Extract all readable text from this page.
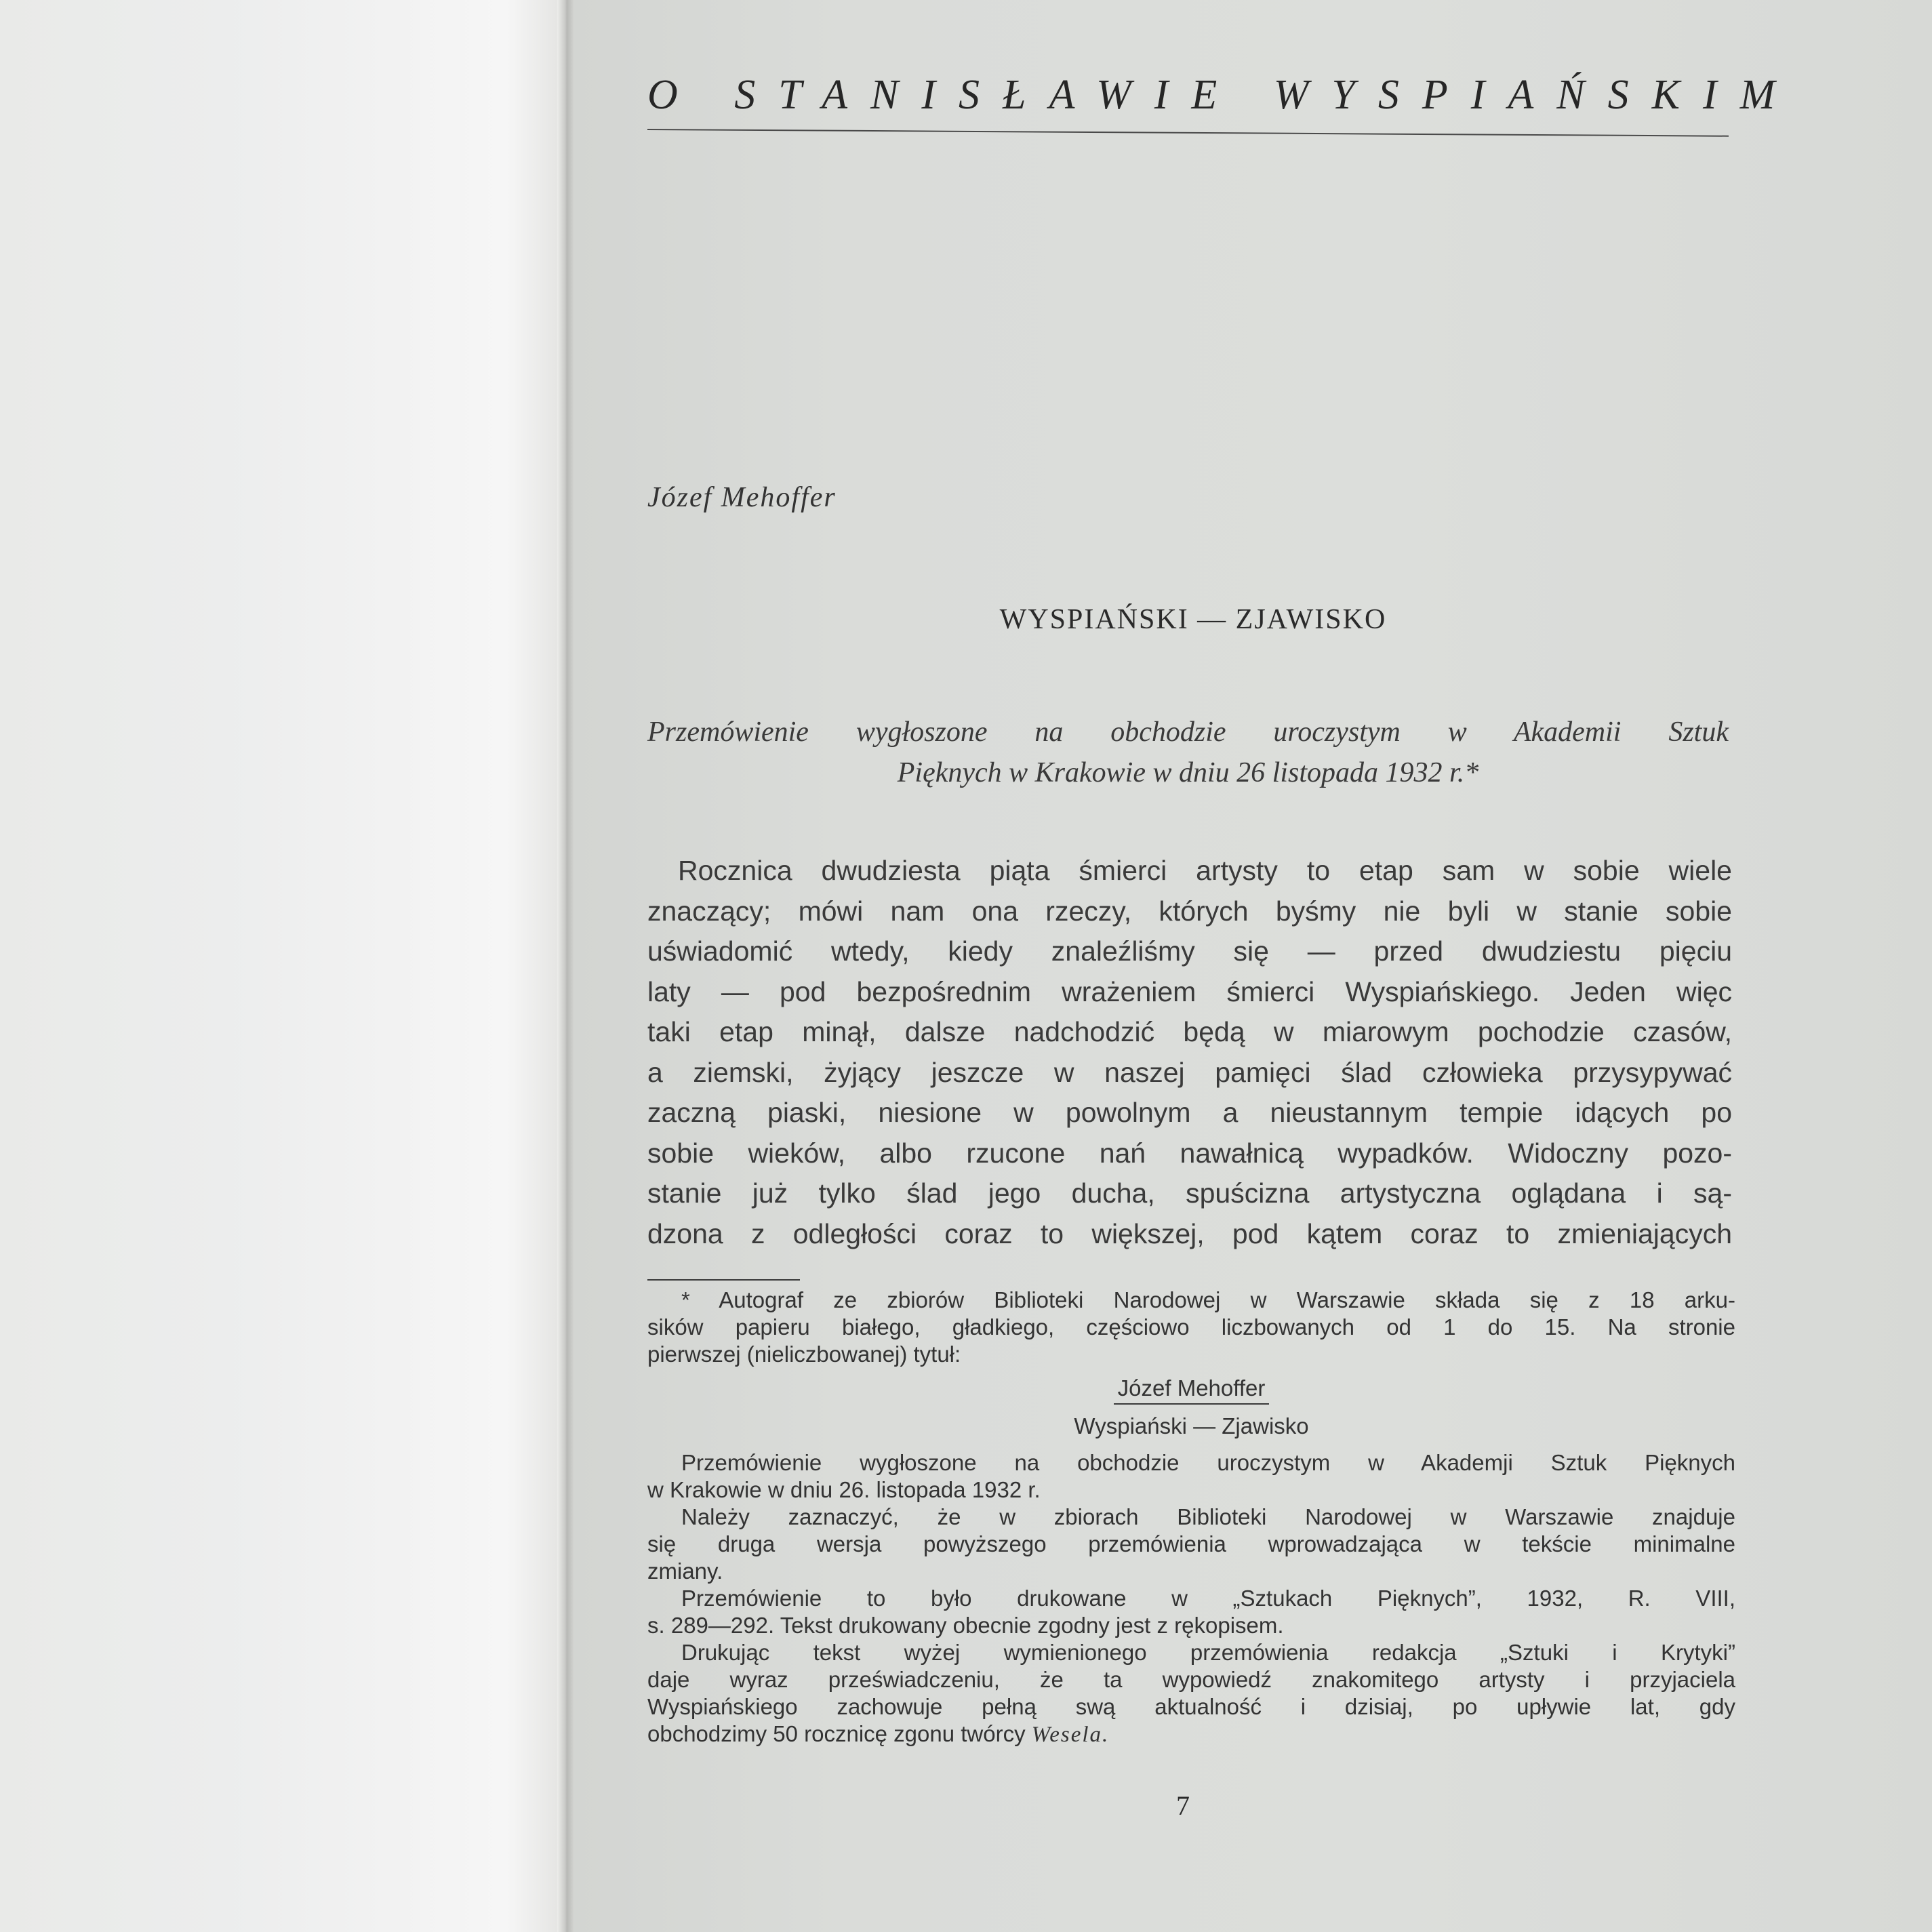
O STANISŁAWIE WYSPIAŃSKIM
Józef Mehoffer
WYSPIAŃSKI — ZJAWISKO
Przemówienie wygłoszone na obchodzie uroczystym w Akademii Sztuk
Pięknych w Krakowie w dniu 26 listopada 1932 r.*
Rocznica dwudziesta piąta śmierci artysty to etap sam w sobie wiele
znaczący; mówi nam ona rzeczy, których byśmy nie byli w stanie sobie
uświadomić wtedy, kiedy znaleźliśmy się — przed dwudziestu pięciu
laty — pod bezpośrednim wrażeniem śmierci Wyspiańskiego. Jeden więc
taki etap minął, dalsze nadchodzić będą w miarowym pochodzie czasów,
a ziemski, żyjący jeszcze w naszej pamięci ślad człowieka przysypywać
zaczną piaski, niesione w powolnym a nieustannym tempie idących po
sobie wieków, albo rzucone nań nawałnicą wypadków. Widoczny pozo-
stanie już tylko ślad jego ducha, spuścizna artystyczna oglądana i są-
dzona z odległości coraz to większej, pod kątem coraz to zmieniających
* Autograf ze zbiorów Biblioteki Narodowej w Warszawie składa się z 18 arku-
sików papieru białego, gładkiego, częściowo liczbowanych od 1 do 15. Na stronie
pierwszej (nieliczbowanej) tytuł:
Józef Mehoffer
Wyspiański — Zjawisko
Przemówienie wygłoszone na obchodzie uroczystym w Akademji Sztuk Pięknych
w Krakowie w dniu 26. listopada 1932 r.
Należy zaznaczyć, że w zbiorach Biblioteki Narodowej w Warszawie znajduje
się druga wersja powyższego przemówienia wprowadzająca w tekście minimalne
zmiany.
Przemówienie to było drukowane w „Sztukach Pięknych”, 1932, R. VIII,
s. 289—292. Tekst drukowany obecnie zgodny jest z rękopisem.
Drukując tekst wyżej wymienionego przemówienia redakcja „Sztuki i Krytyki”
daje wyraz przeświadczeniu, że ta wypowiedź znakomitego artysty i przyjaciela
Wyspiańskiego zachowuje pełną swą aktualność i dzisiaj, po upływie lat, gdy
obchodzimy 50 rocznicę zgonu twórcy Wesela.
7
